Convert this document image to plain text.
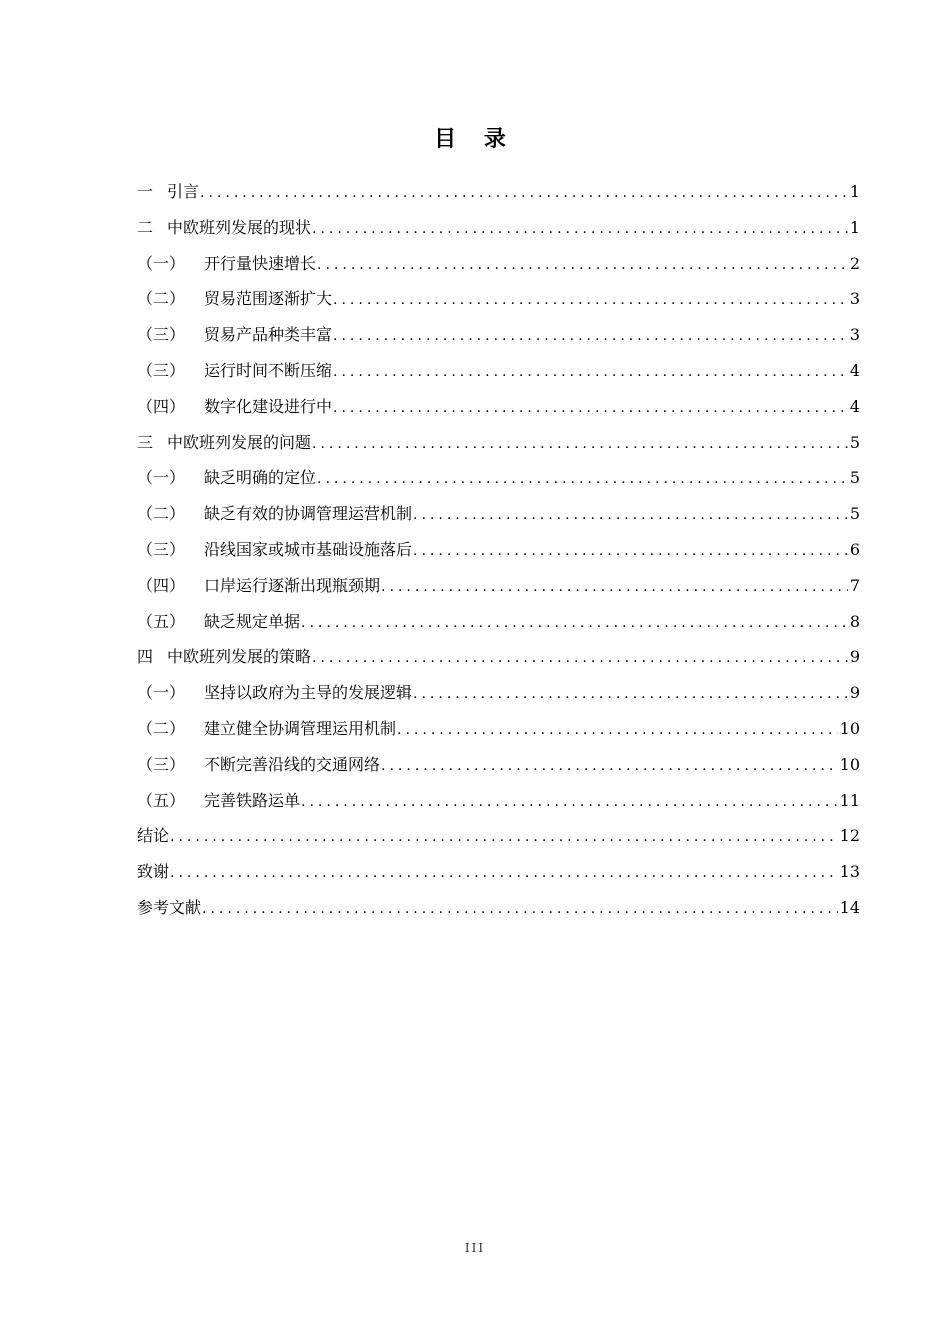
目 录
一 引言 .....	1
二 中欧班列发展的现状 .....	1
（一）	开行量快速增长 .....	2
（二）	贸易范围逐渐扩大 .....	3
（三）	贸易产品种类丰富 .....	3
（三）	运行时间不断压缩 .....	4
（四）	数字化建设进行中 .....	4
三 中欧班列发展的问题 .....	5
（一）	缺乏明确的定位 .....	5
（二）	缺乏有效的协调管理运营机制 .....	5
（三）	沿线国家或城市基础设施落后 .....	6
（四）	口岸运行逐渐出现瓶颈期 .....	7
（五）	缺乏规定单据 .....	8
四 中欧班列发展的策略 .....	9
（一）	坚持以政府为主导的发展逻辑 .....	9
（二）	建立健全协调管理运用机制 .....	10
（三）	不断完善沿线的交通网络 .....	10
（五）	完善铁路运单 .....	11
结论 .....	12
致谢 .....	13
参考文献 .....	14
III
